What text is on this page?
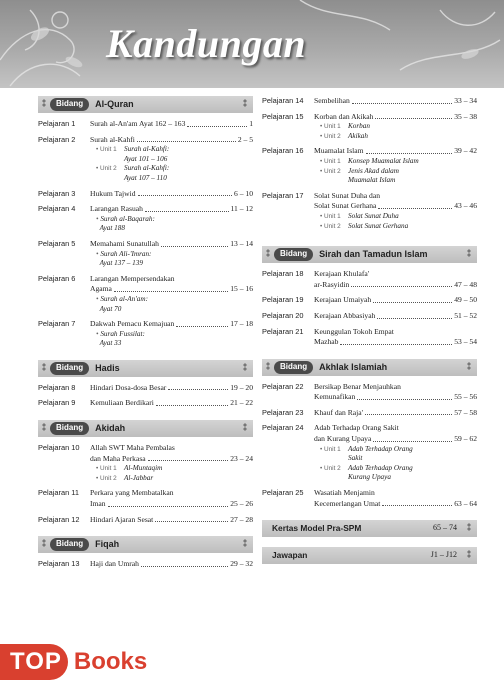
Kandungan
Bidang	Al-Quran
Pelajaran 1	Surah al-An'am Ayat 162 – 163	1
Pelajaran 2	Surah al-Kahfi	2 – 5
• Unit 1	Surah al-Kahfi:
Ayat 101 – 106
• Unit 2	Surah al-Kahfi:
Ayat 107 – 110
Pelajaran 3	Hukum Tajwid	6 – 10
Pelajaran 4	Larangan Rasuah	11 – 12
• Surah al-Baqarah:
Ayat 188
Pelajaran 5	Memahami Sunatullah	13 – 14
• Surah Ali-'Imran:
Ayat 137 – 139
Pelajaran 6	Larangan Mempersendakan
Agama	15 – 16
• Surah al-An'am:
Ayat 70
Pelajaran 7	Dakwah Pemacu Kemajuan	17 – 18
• Surah Fussilat:
Ayat 33
Bidang	Hadis
Pelajaran 8	Hindari Dosa-dosa Besar	19 – 20
Pelajaran 9	Kemuliaan Berdikari	21 – 22
Bidang	Akidah
Pelajaran 10	Allah SWT Maha Pembalas
dan Maha Perkasa	23 – 24
• Unit 1	Al-Muntaqim
• Unit 2	Al-Jabbar
Pelajaran 11	Perkara yang Membatalkan
Iman	25 – 26
Pelajaran 12	Hindari Ajaran Sesat	27 – 28
Bidang	Fiqah
Pelajaran 13	Haji dan Umrah	29 – 32
Pelajaran 14	Sembelihan	33 – 34
Pelajaran 15	Korban dan Akikah	35 – 38
• Unit 1	Korban
• Unit 2	Akikah
Pelajaran 16	Muamalat Islam	39 – 42
• Unit 1	Konsep Muamalat Islam
• Unit 2	Jenis Akad dalam
Muamalat Islam
Pelajaran 17	Solat Sunat Duha dan
Solat Sunat Gerhana	43 – 46
• Unit 1	Solat Sunat Duha
• Unit 2	Solat Sunat Gerhana
Bidang	Sirah dan Tamadun Islam
Pelajaran 18	Kerajaan Khulafa'
ar-Rasyidin	47 – 48
Pelajaran 19	Kerajaan Umaiyah	49 – 50
Pelajaran 20	Kerajaan Abbasiyah	51 – 52
Pelajaran 21	Keunggulan Tokoh Empat
Mazhab	53 – 54
Bidang	Akhlak Islamiah
Pelajaran 22	Bersikap Benar Menjauhkan
Kemunafikan	55 – 56
Pelajaran 23	Khauf dan Raja'	57 – 58
Pelajaran 24	Adab Terhadap Orang Sakit
dan Kurang Upaya	59 – 62
• Unit 1	Adab Terhadap Orang
Sakit
• Unit 2	Adab Terhadap Orang
Kurang Upaya
Pelajaran 25	Wasatiah Menjamin
Kecemerlangan Umat	63 – 64
Kertas Model Pra-SPM	65 – 74
Jawapan	J1 – J12
TOP Books
